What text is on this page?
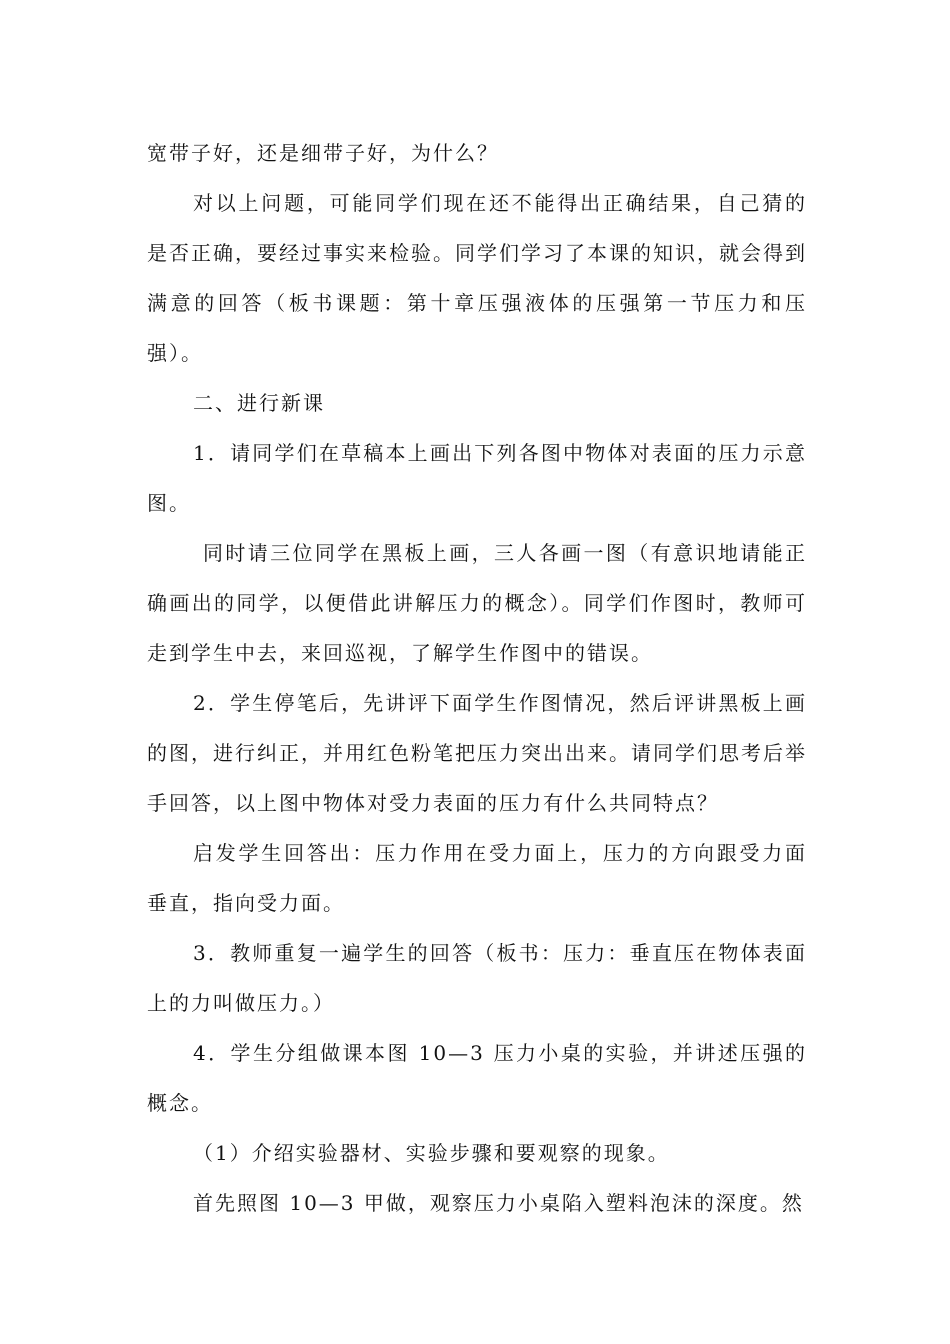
宽带子好，还是细带子好，为什么？

对以上问题，可能同学们现在还不能得出正确结果，自己猜的是否正确，要经过事实来检验。同学们学习了本课的知识，就会得到满意的回答（板书课题：第十章压强液体的压强第一节压力和压强）。

二、进行新课

1．请同学们在草稿本上画出下列各图中物体对表面的压力示意图。

同时请三位同学在黑板上画，三人各画一图（有意识地请能正确画出的同学，以便借此讲解压力的概念）。同学们作图时，教师可走到学生中去，来回巡视，了解学生作图中的错误。

2．学生停笔后，先讲评下面学生作图情况，然后评讲黑板上画的图，进行纠正，并用红色粉笔把压力突出出来。请同学们思考后举手回答，以上图中物体对受力表面的压力有什么共同特点？

启发学生回答出：压力作用在受力面上，压力的方向跟受力面垂直，指向受力面。

3．教师重复一遍学生的回答（板书：压力：垂直压在物体表面上的力叫做压力。）

4．学生分组做课本图 10—3 压力小桌的实验，并讲述压强的概念。

（1）介绍实验器材、实验步骤和要观察的现象。

首先照图 10—3 甲做，观察压力小桌陷入塑料泡沫的深度。然
